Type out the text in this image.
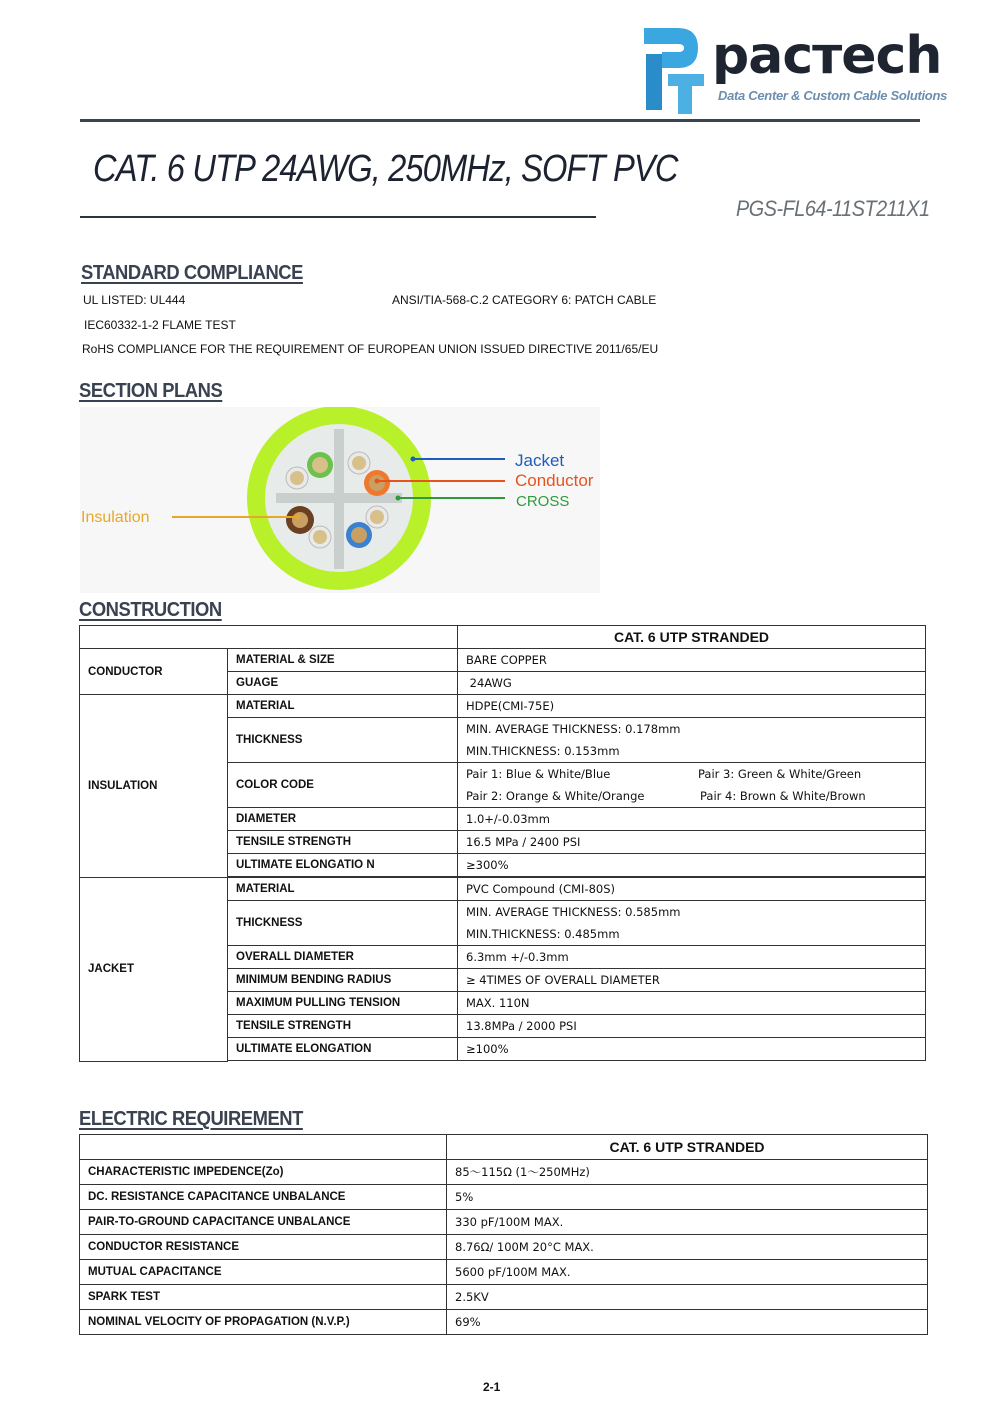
pacтech
Data Center & Custom Cable Solutions
CAT. 6 UTP 24AWG, 250MHz, SOFT PVC
PGS-FL64-11ST211X1
STANDARD COMPLIANCE
UL LISTED: UL444	ANSI/TIA-568-C.2 CATEGORY 6: PATCH CABLE
IEC60332-1-2 FLAME TEST
RoHS COMPLIANCE FOR THE REQUIREMENT OF EUROPEAN UNION ISSUED DIRECTIVE 2011/65/EU
SECTION PLANS
Jacket
Conductor
CROSS
Insulation
CONSTRUCTION
		CAT. 6 UTP STRANDED
CONDUCTOR	MATERIAL & SIZE	BARE COPPER
	GUAGE	24AWG
INSULATION	MATERIAL	HDPE(CMI-75E)
	THICKNESS	MIN. AVERAGE THICKNESS: 0.178mm
MIN.THICKNESS: 0.153mm

	COLOR CODE	Pair 1: Blue & White/Blue Pair 3: Green & White/Green
Pair 2: Orange & White/Orange Pair 4: Brown & White/Brown

	DIAMETER	1.0+/-0.03mm
	TENSILE STRENGTH	16.5 MPa / 2400 PSI
	ULTIMATE ELONGATIO N	≥300%

JACKET	MATERIAL	PVC Compound (CMI-80S)
	THICKNESS	MIN. AVERAGE THICKNESS: 0.585mm
MIN.THICKNESS: 0.485mm

	OVERALL DIAMETER	6.3mm +/-0.3mm
	MINIMUM BENDING RADIUS	≥ 4TIMES OF OVERALL DIAMETER
	MAXIMUM PULLING TENSION	MAX. 110N
	TENSILE STRENGTH	13.8MPa / 2000 PSI
	ULTIMATE ELONGATION	≥100%

ELECTRIC REQUIREMENT
	CAT. 6 UTP STRANDED
CHARACTERISTIC IMPEDENCE(Zo)	85～115Ω (1～250MHz)
DC. RESISTANCE CAPACITANCE UNBALANCE	5%
PAIR-TO-GROUND CAPACITANCE UNBALANCE	330 pF/100M MAX.
CONDUCTOR RESISTANCE	8.76Ω/ 100M 20°C MAX.
MUTUAL CAPACITANCE	5600 pF/100M MAX.
SPARK TEST	2.5KV
NOMINAL VELOCITY OF PROPAGATION (N.V.P.)	69%
2-1
